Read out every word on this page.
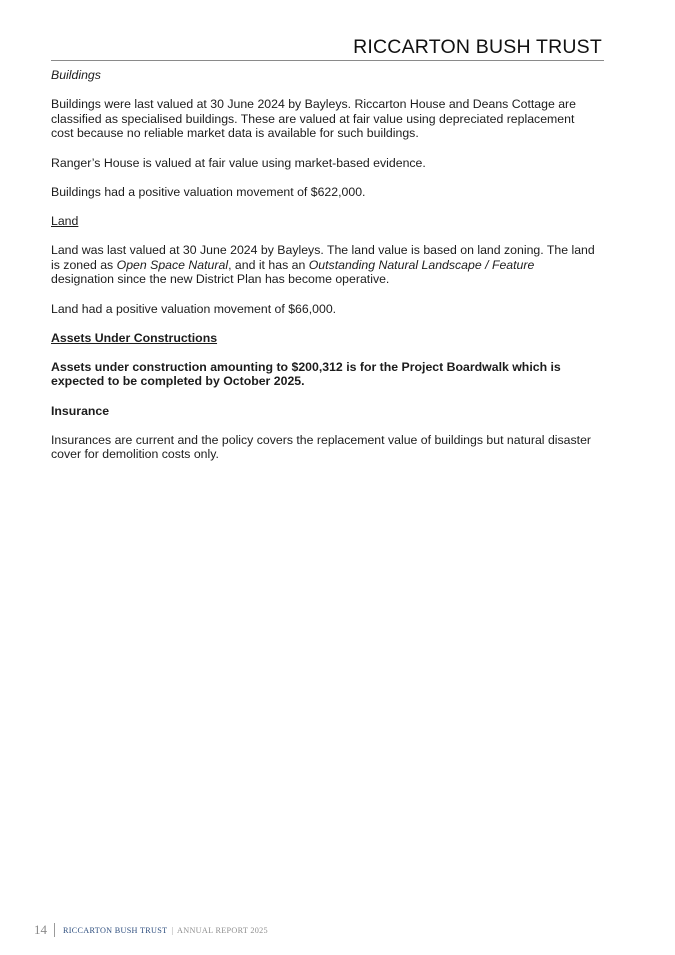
RICCARTON BUSH TRUST

Buildings

Buildings were last valued at 30 June 2024 by Bayleys. Riccarton House and Deans Cottage are classified as specialised buildings. These are valued at fair value using depreciated replacement cost because no reliable market data is available for such buildings.

Ranger’s House is valued at fair value using market-based evidence.

Buildings had a positive valuation movement of $622,000.

Land

Land was last valued at 30 June 2024 by Bayleys. The land value is based on land zoning. The land is zoned as Open Space Natural, and it has an Outstanding Natural Landscape / Feature designation since the new District Plan has become operative.

Land had a positive valuation movement of $66,000.

Assets Under Constructions

Assets under construction amounting to $200,312 is for the Project Boardwalk which is expected to be completed by October 2025.

Insurance

Insurances are current and the policy covers the replacement value of buildings but natural disaster cover for demolition costs only.

14 RICCARTON BUSH TRUST | ANNUAL REPORT 2025
